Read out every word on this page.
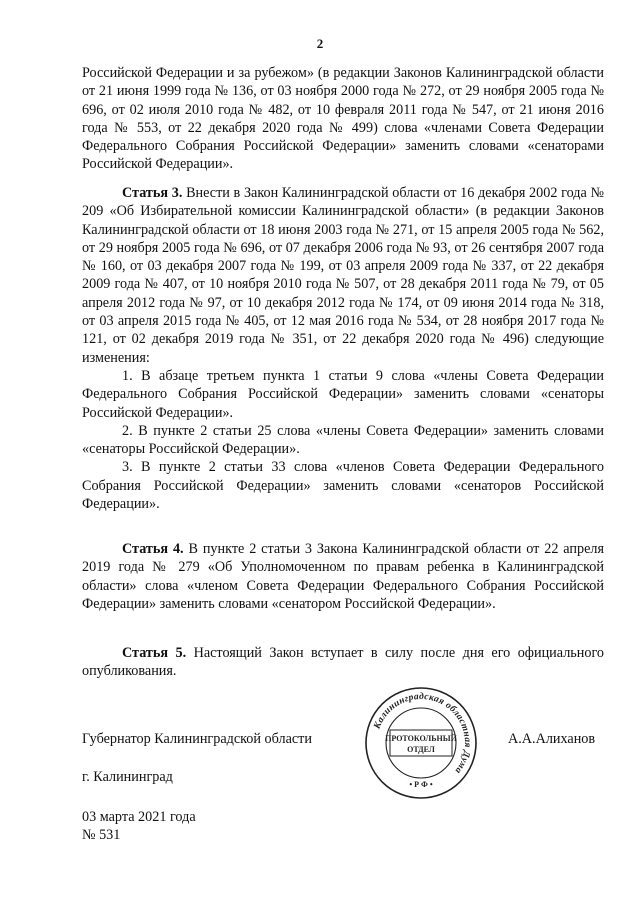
2

Российской Федерации и за рубежом» (в редакции Законов Калининградской области от 21 июня 1999 года № 136, от 03 ноября 2000 года № 272, от 29 ноября 2005 года № 696, от 02 июля 2010 года № 482, от 10 февраля 2011 года № 547, от 21 июня 2016 года № 553, от 22 декабря 2020 года № 499) слова «членами Совета Федерации Федерального Собрания Российской Федерации» заменить словами «сенаторами Российской Федерации».

Статья 3. Внести в Закон Калининградской области от 16 декабря 2002 года № 209 «Об Избирательной комиссии Калининградской области» (в редакции Законов Калининградской области от 18 июня 2003 года № 271, от 15 апреля 2005 года № 562, от 29 ноября 2005 года № 696, от 07 декабря 2006 года № 93, от 26 сентября 2007 года № 160, от 03 декабря 2007 года № 199, от 03 апреля 2009 года № 337, от 22 декабря 2009 года № 407, от 10 ноября 2010 года № 507, от 28 декабря 2011 года № 79, от 05 апреля 2012 года № 97, от 10 декабря 2012 года № 174, от 09 июня 2014 года № 318, от 03 апреля 2015 года № 405, от 12 мая 2016 года № 534, от 28 ноября 2017 года № 121, от 02 декабря 2019 года № 351, от 22 декабря 2020 года № 496) следующие изменения:

1. В абзаце третьем пункта 1 статьи 9 слова «члены Совета Федерации Федерального Собрания Российской Федерации» заменить словами «сенаторы Российской Федерации».

2. В пункте 2 статьи 25 слова «члены Совета Федерации» заменить словами «сенаторы Российской Федерации».

3. В пункте 2 статьи 33 слова «членов Совета Федерации Федерального Собрания Российской Федерации» заменить словами «сенаторов Российской Федерации».

Статья 4. В пункте 2 статьи 3 Закона Калининградской области от 22 апреля 2019 года № 279 «Об Уполномоченном по правам ребенка в Калининградской области» слова «членом Совета Федерации Федерального Собрания Российской Федерации» заменить словами «сенатором Российской Федерации».

Статья 5. Настоящий Закон вступает в силу после дня его официального опубликования.

Губернатор Калининградской области	А.А.Алиханов
г. Калининград
03 марта 2021 года
№ 531
Калининградская областная Дума
ПРОТОКОЛЬНЫЙ
ОТДЕЛ
• Р Ф •
